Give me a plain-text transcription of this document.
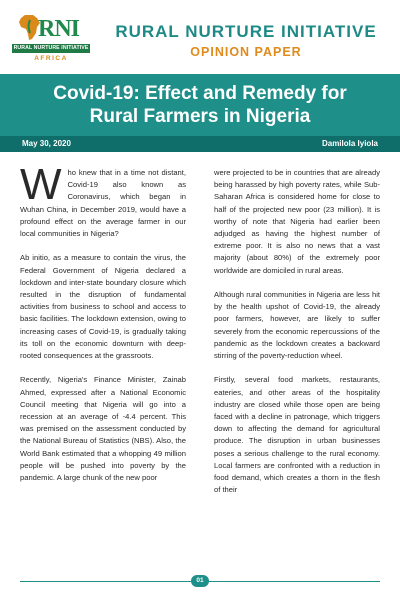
RNI
RURAL NURTURE INITIATIVE
AFRICA
RURAL NURTURE INITIATIVE
OPINION PAPER
Covid-19: Effect and Remedy for
Rural Farmers in Nigeria
May 30, 2020	Damilola Iyiola

Who knew that in a time not distant, Covid-19 also known as Coronavirus, which began in Wuhan China, in December 2019, would have a profound effect on the average farmer in our local communities in Nigeria?

Ab initio, as a measure to contain the virus, the Federal Government of Nigeria declared a lockdown and inter-state boundary closure which resulted in the disruption of fundamental activities from business to school and access to basic facilities. The lockdown extension, owing to increasing cases of Covid-19, is gradually taking its toll on the economic downturn with deep-rooted consequences at the grassroots.

Recently, Nigeria's Finance Minister, Zainab Ahmed, expressed after a National Economic Council meeting that Nigeria will go into a recession at an average of -4.4 percent. This was premised on the assessment conducted by the National Bureau of Statistics (NBS). Also, the World Bank estimated that a whopping 49 million people will be pushed into poverty by the pandemic. A large chunk of the new poor

were projected to be in countries that are already being harassed by high poverty rates, while Sub-Saharan Africa is considered home for close to half of the projected new poor (23 million). It is worthy of note that Nigeria had earlier been adjudged as having the highest number of extreme poor. It is also no news that a vast majority (about 80%) of the extremely poor worldwide are domiciled in rural areas.

Although rural communities in Nigeria are less hit by the health upshot of Covid-19, the already poor farmers, however, are likely to suffer severely from the economic repercussions of the pandemic as the lockdown creates a backward stirring of the poverty-reduction wheel.

Firstly, several food markets, restaurants, eateries, and other areas of the hospitality industry are closed while those open are being faced with a decline in patronage, which triggers down to affecting the demand for agricultural produce. The disruption in urban businesses poses a serious challenge to the rural economy. Local farmers are confronted with a reduction in food demand, which creates a thorn in the flesh of their

01
